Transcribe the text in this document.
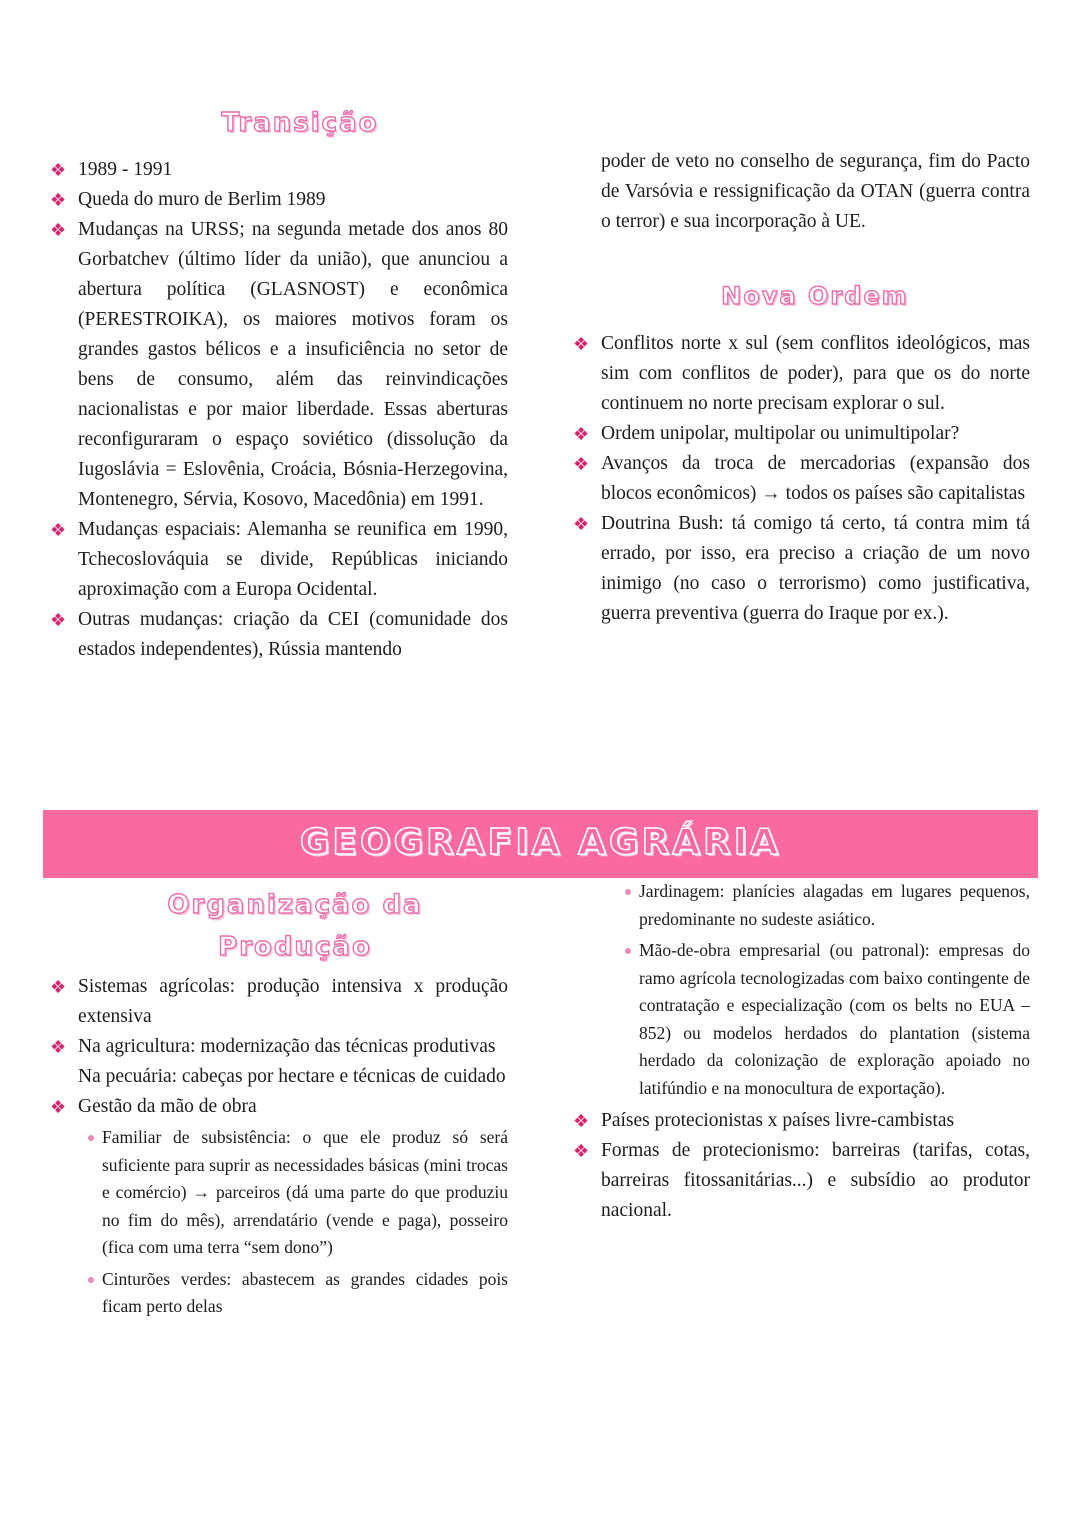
Transição
❖ 1989 - 1991
❖ Queda do muro de Berlim 1989
❖ Mudanças na URSS; na segunda metade dos anos 80 Gorbatchev (último líder da união), que anunciou a abertura política (GLASNOST) e econômica (PERESTROIKA), os maiores motivos foram os grandes gastos bélicos e a insuficiência no setor de bens de consumo, além das reinvindicações nacionalistas e por maior liberdade. Essas aberturas reconfiguraram o espaço soviético (dissolução da Iugoslávia = Eslovênia, Croácia, Bósnia-Herzegovina, Montenegro, Sérvia, Kosovo, Macedônia) em 1991.
❖ Mudanças espaciais: Alemanha se reunifica em 1990, Tchecoslováquia se divide, Repúblicas iniciando aproximação com a Europa Ocidental.
❖ Outras mudanças: criação da CEI (comunidade dos estados independentes), Rússia mantendo
poder de veto no conselho de segurança, fim do Pacto de Varsóvia e ressignificação da OTAN (guerra contra o terror) e sua incorporação à UE.
Nova Ordem
❖ Conflitos norte x sul (sem conflitos ideológicos, mas sim com conflitos de poder), para que os do norte continuem no norte precisam explorar o sul.
❖ Ordem unipolar, multipolar ou unimultipolar?
❖ Avanços da troca de mercadorias (expansão dos blocos econômicos) → todos os países são capitalistas
❖ Doutrina Bush: tá comigo tá certo, tá contra mim tá errado, por isso, era preciso a criação de um novo inimigo (no caso o terrorismo) como justificativa, guerra preventiva (guerra do Iraque por ex.).
GEOGRAFIA AGRÁRIA
Organização da
Produção
❖ Sistemas agrícolas: produção intensiva x produção extensiva
❖ Na agricultura: modernização das técnicas produtivas
Na pecuária: cabeças por hectare e técnicas de cuidado
❖ Gestão da mão de obra
Familiar de subsistência: o que ele produz só será suficiente para suprir as necessidades básicas (mini trocas e comércio) → parceiros (dá uma parte do que produziu no fim do mês), arrendatário (vende e paga), posseiro (fica com uma terra “sem dono”)
Cinturões verdes: abastecem as grandes cidades pois ficam perto delas
Jardinagem: planícies alagadas em lugares pequenos, predominante no sudeste asiático.
Mão-de-obra empresarial (ou patronal): empresas do ramo agrícola tecnologizadas com baixo contingente de contratação e especialização (com os belts no EUA – 852) ou modelos herdados do plantation (sistema herdado da colonização de exploração apoiado no latifúndio e na monocultura de exportação).
❖ Países protecionistas x países livre-cambistas
❖ Formas de protecionismo: barreiras (tarifas, cotas, barreiras fitossanitárias...) e subsídio ao produtor nacional.
